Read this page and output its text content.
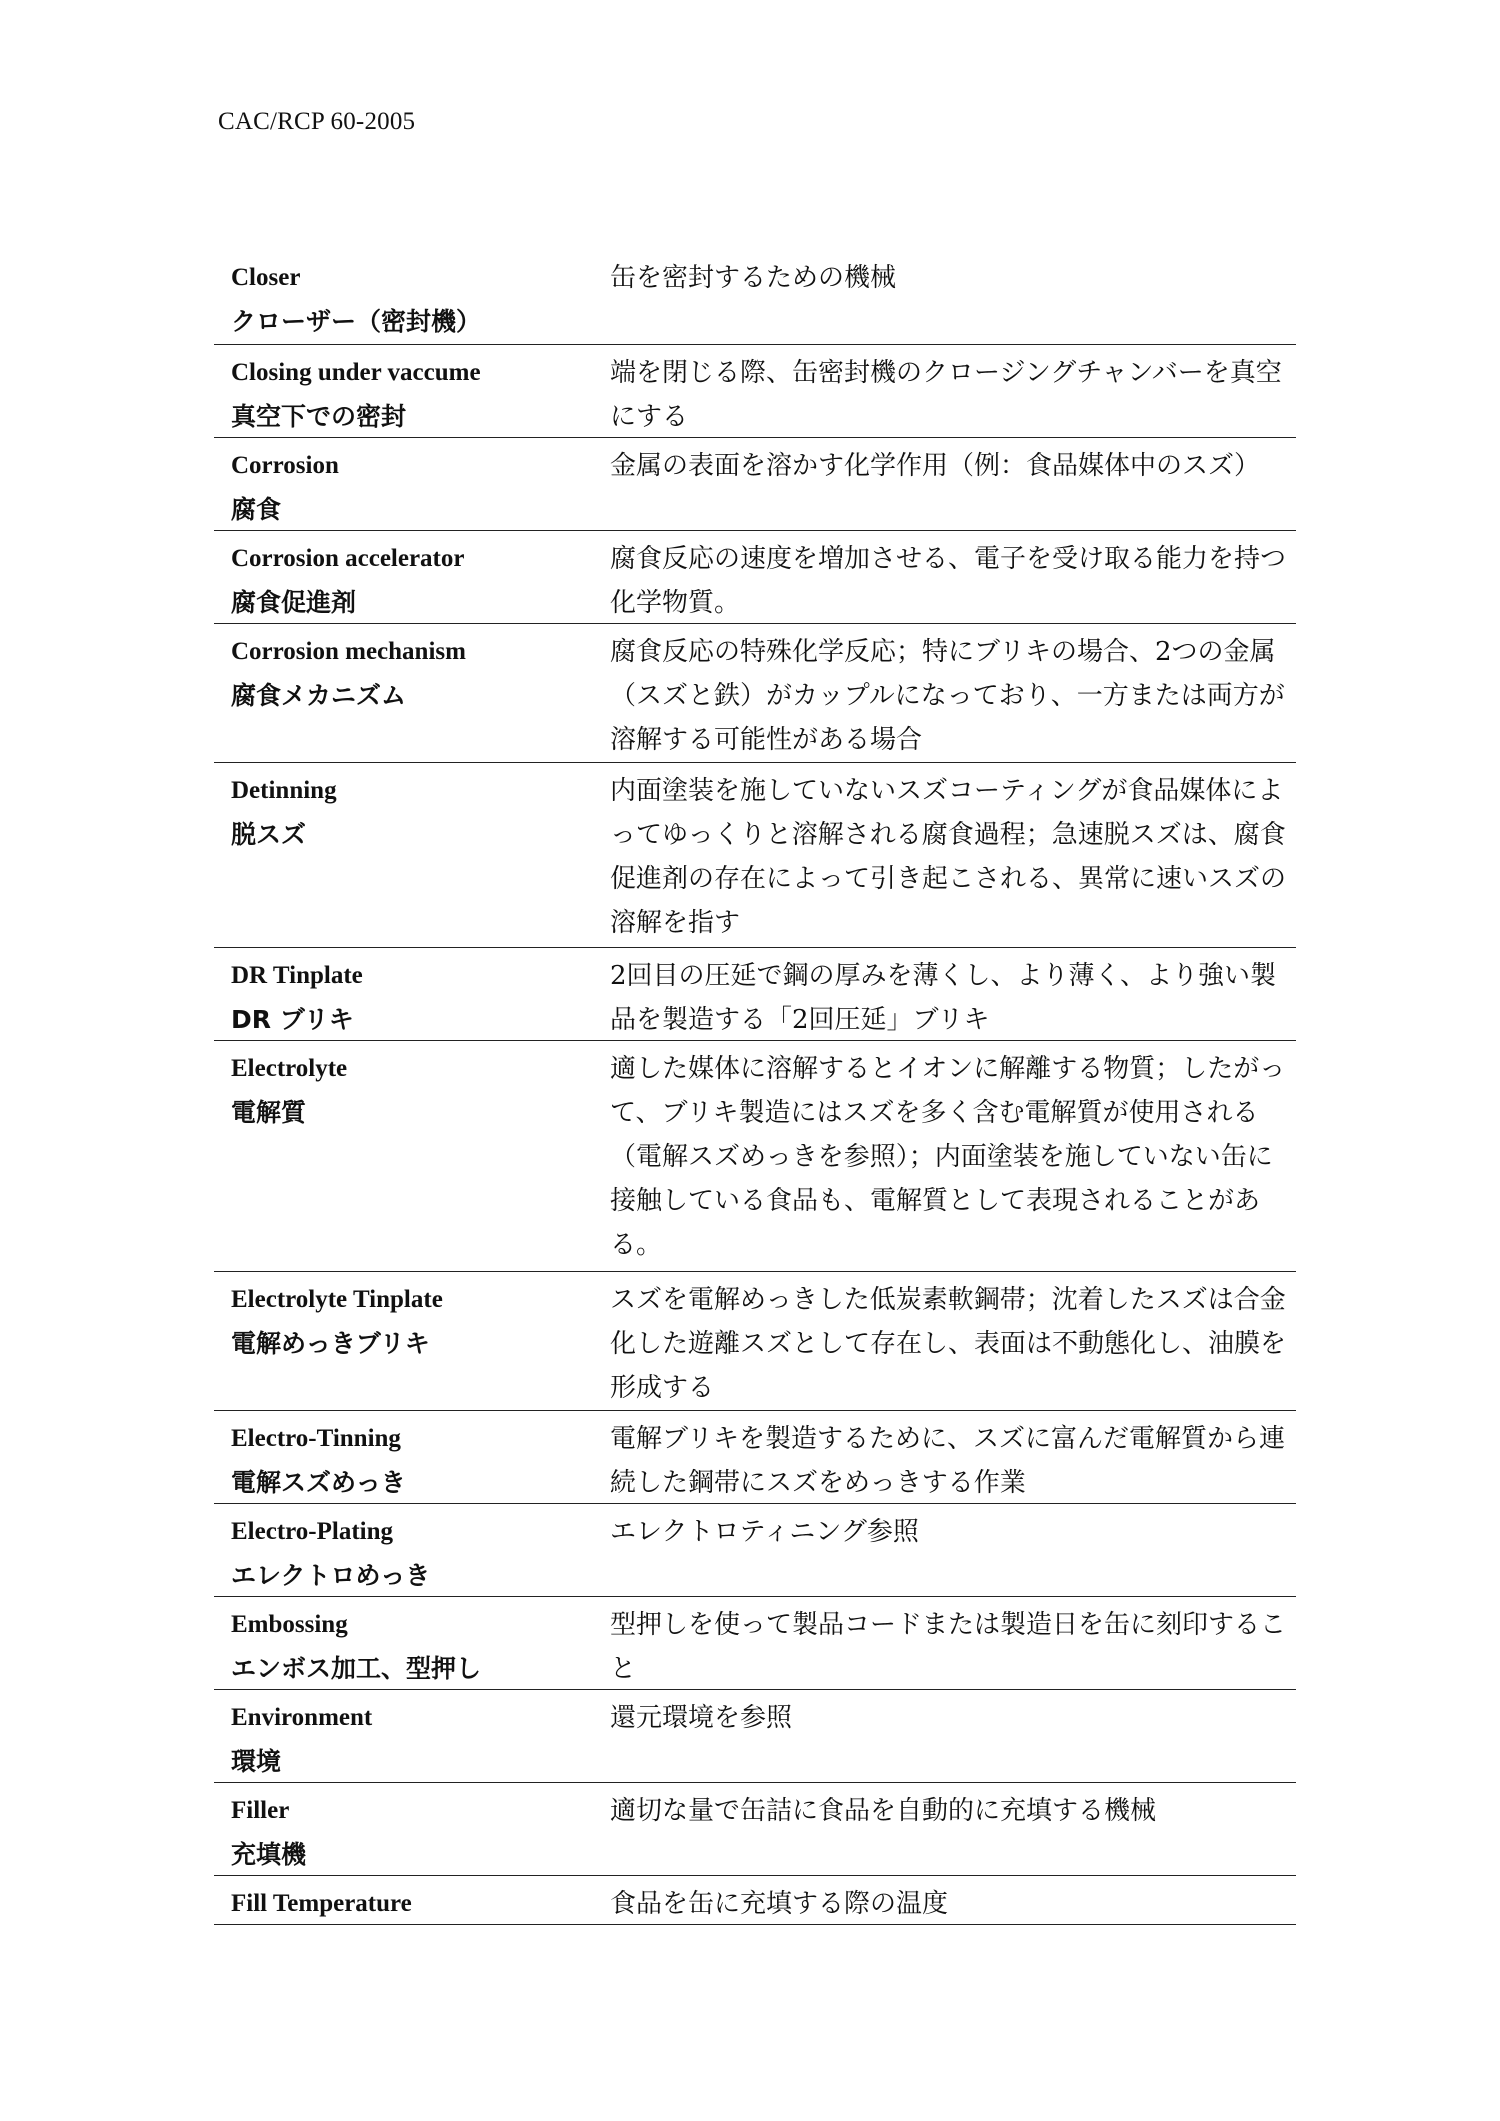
CAC/RCP 60-2005
Closer
クローザー（密封機）
缶を密封するための機械
Closing under vaccume
真空下での密封
端を閉じる際、缶密封機のクロージングチャンバーを真空にする
Corrosion
腐食
金属の表面を溶かす化学作用（例：食品媒体中のスズ）
Corrosion accelerator
腐食促進剤
腐食反応の速度を増加させる、電子を受け取る能力を持つ化学物質。
Corrosion mechanism
腐食メカニズム
腐食反応の特殊化学反応；特にブリキの場合、2つの金属（スズと鉄）がカップルになっており、一方または両方が溶解する可能性がある場合
Detinning
脱スズ
内面塗装を施していないスズコーティングが食品媒体によってゆっくりと溶解される腐食過程；急速脱スズは、腐食促進剤の存在によって引き起こされる、異常に速いスズの溶解を指す
DR Tinplate
DR ブリキ
2回目の圧延で鋼の厚みを薄くし、より薄く、より強い製品を製造する「2回圧延」ブリキ
Electrolyte
電解質
適した媒体に溶解するとイオンに解離する物質；したがって、ブリキ製造にはスズを多く含む電解質が使用される（電解スズめっきを参照）；内面塗装を施していない缶に接触している食品も、電解質として表現されることがある。
Electrolyte Tinplate
電解めっきブリキ
スズを電解めっきした低炭素軟鋼帯；沈着したスズは合金化した遊離スズとして存在し、表面は不動態化し、油膜を形成する
Electro-Tinning
電解スズめっき
電解ブリキを製造するために、スズに富んだ電解質から連続した鋼帯にスズをめっきする作業
Electro-Plating
エレクトロめっき
エレクトロティニング参照
Embossing
エンボス加工、型押し
型押しを使って製品コードまたは製造日を缶に刻印すること
Environment
環境
還元環境を参照
Filler
充填機
適切な量で缶詰に食品を自動的に充填する機械
Fill Temperature	食品を缶に充填する際の温度
